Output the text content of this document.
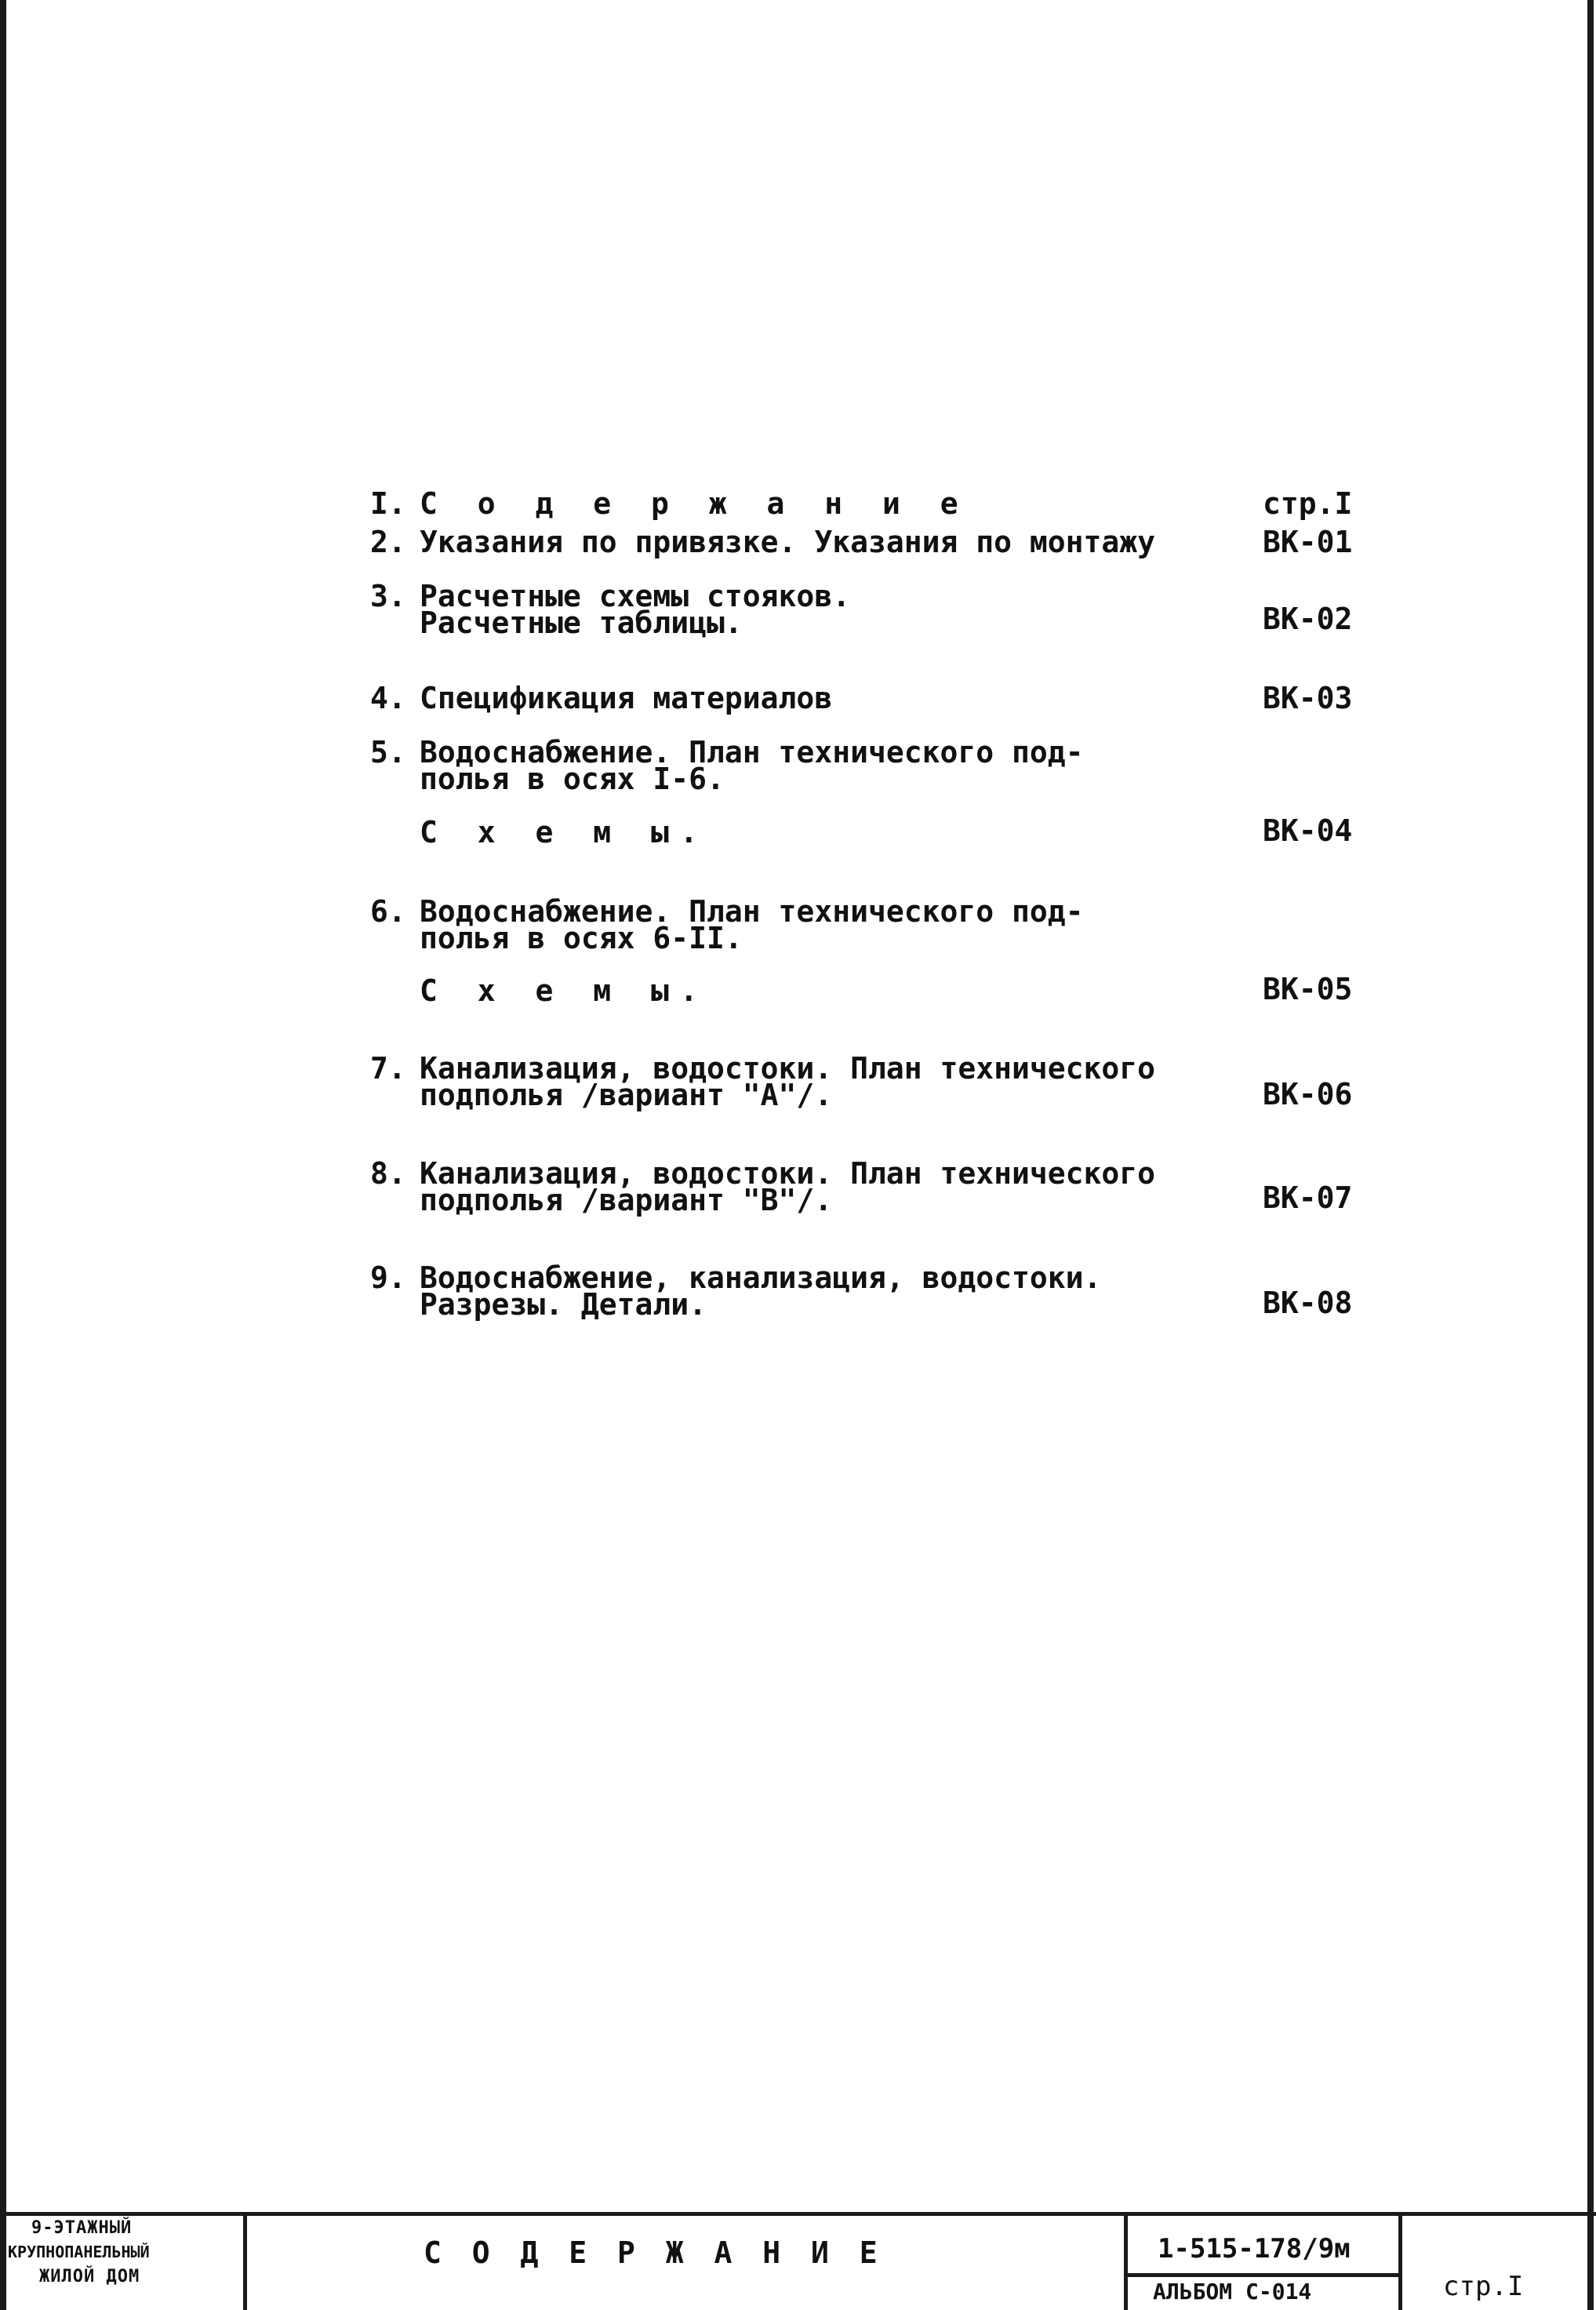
I. С о д е р ж а н и е	стр.I
2. Указания по привязке. Указания по монтажу	ВК-01
3. Расчетные схемы стояков.
Расчетные таблицы.	ВК-02
4. Спецификация материалов	ВК-03
5. Водоснабжение. План технического под-
полья в осях I-6.
С х е м ы.	ВК-04
6. Водоснабжение. План технического под-
полья в осях 6-II.
С х е м ы.	ВК-05
7. Канализация, водостоки. План технического
подполья /вариант "А"/.	ВК-06
8. Канализация, водостоки. План технического
подполья /вариант "В"/.	ВК-07
9. Водоснабжение, канализация, водостоки.
Разрезы. Детали.	ВК-08
9-ЭТАЖНЫЙ
КРУПНОПАНЕЛЬНЫЙ
ЖИЛОЙ ДОМ
С О Д Е Р Ж А Н И Е	1-515-178/9м
АЛЬБОМ С-014	стр.I
